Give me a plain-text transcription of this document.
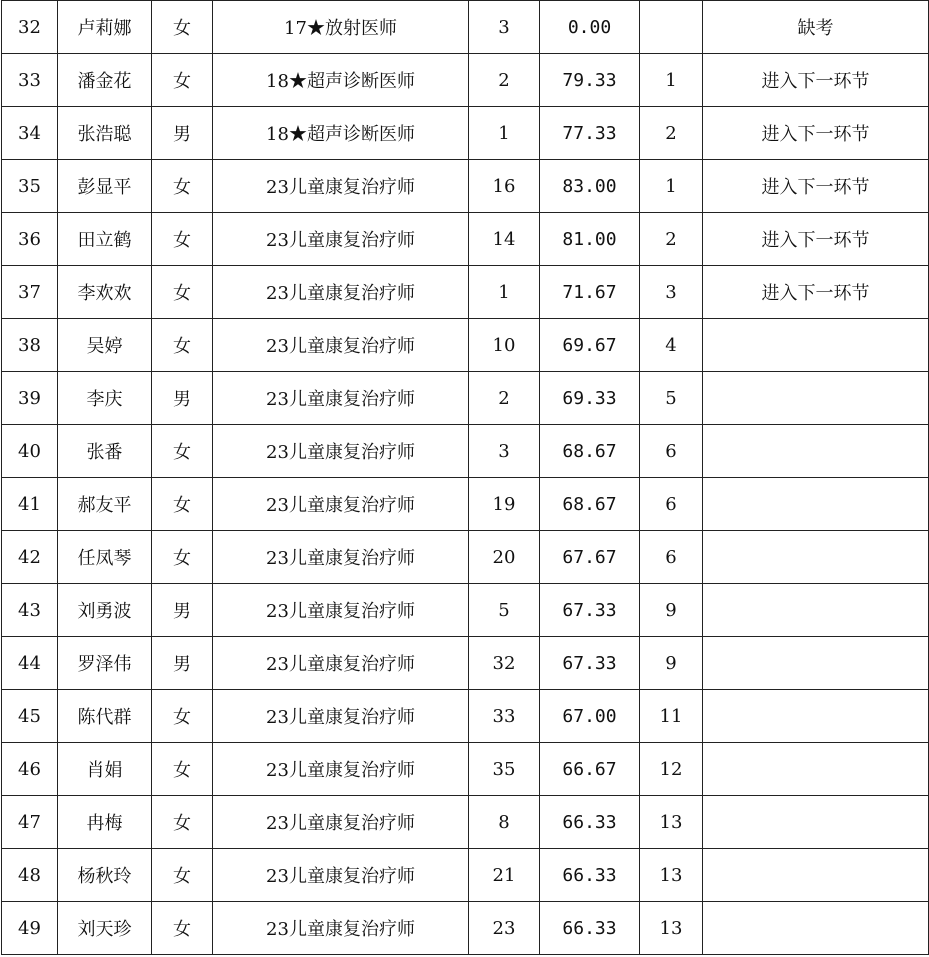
32	卢莉娜	女	17★放射医师	3	0.00		缺考
33	潘金花	女	18★超声诊断医师	2	79.33	1	进入下一环节
34	张浩聪	男	18★超声诊断医师	1	77.33	2	进入下一环节
35	彭显平	女	23儿童康复治疗师	16	83.00	1	进入下一环节
36	田立鹤	女	23儿童康复治疗师	14	81.00	2	进入下一环节
37	李欢欢	女	23儿童康复治疗师	1	71.67	3	进入下一环节
38	吴婷	女	23儿童康复治疗师	10	69.67	4	
39	李庆	男	23儿童康复治疗师	2	69.33	5	
40	张番	女	23儿童康复治疗师	3	68.67	6	
41	郝友平	女	23儿童康复治疗师	19	68.67	6	
42	任凤琴	女	23儿童康复治疗师	20	67.67	6	
43	刘勇波	男	23儿童康复治疗师	5	67.33	9	
44	罗泽伟	男	23儿童康复治疗师	32	67.33	9	
45	陈代群	女	23儿童康复治疗师	33	67.00	11	
46	肖娟	女	23儿童康复治疗师	35	66.67	12	
47	冉梅	女	23儿童康复治疗师	8	66.33	13	
48	杨秋玲	女	23儿童康复治疗师	21	66.33	13	
49	刘天珍	女	23儿童康复治疗师	23	66.33	13	
